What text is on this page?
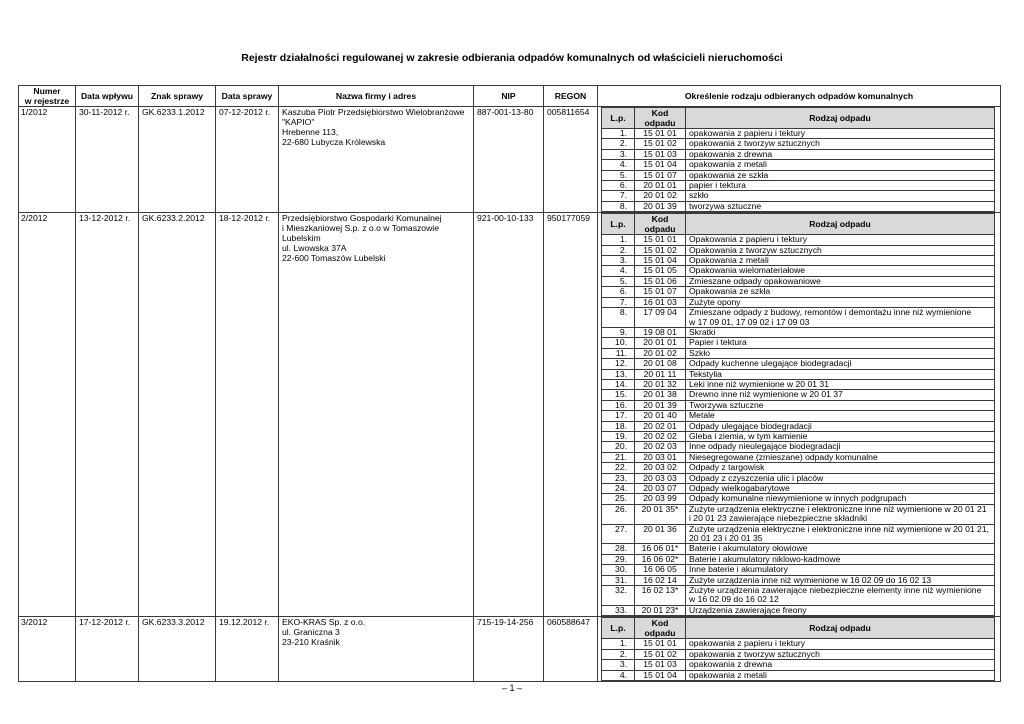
Rejestr działalności regulowanej w zakresie odbierania odpadów komunalnych od właścicieli nieruchomości
Numer
w rejestrze	Data wpływu	Znak sprawy	Data sprawy	Nazwa firmy i adres	NIP	REGON	Określenie rodzaju odbieranych odpadów komunalnych
1/2012	30-11-2012 r.	GK.6233.1.2012	07-12-2012 r.	Kaszuba Piotr Przedsiębiorstwo Wielobranżowe
"KAPIO"
Hrebenne 113,
22-680 Lubycza Królewska	887-001-13-80	005811654	
L.p.	Kod
odpadu	Rodzaj odpadu
1.	15 01 01	opakowania z papieru i tektury
2.	15 01 02	opakowania z tworzyw sztucznych
3.	15 01 03	opakowania z drewna
4.	15 01 04	opakowania z metali
5.	15 01 07	opakowania ze szkła
6.	20 01 01	papier i tektura
7.	20 01 02	szkło
8.	20 01 39	tworzywa sztuczne

2/2012	13-12-2012 r.	GK.6233.2.2012	18-12-2012 r.	Przedsiębiorstwo Gospodarki Komunalnej
i Mieszkaniowej S.p. z o.o w Tomaszowie
Lubelskim
ul. Lwowska 37A
22-600 Tomaszów Lubelski	921-00-10-133	950177059	
L.p.	Kod
odpadu	Rodzaj odpadu
1.	15 01 01	Opakowania z papieru i tektury
2.	15 01 02	Opakowania z tworzyw sztucznych
3.	15 01 04	Opakowania z metali
4.	15 01 05	Opakowania wielomateriałowe
5.	15 01 06	Zmieszane odpady opakowaniowe
6.	15 01 07	Opakowania ze szkła
7.	16 01 03	Zużyte opony
8.	17 09 04	Zmieszane odpady z budowy, remontów i demontażu inne niż wymienione
w 17 09 01, 17 09 02 i 17 09 03
9.	19 08 01	Skratki
10.	20 01 01	Papier i tektura
11.	20 01 02	Szkło
12.	20 01 08	Odpady kuchenne ulegające biodegradacji
13.	20 01 11	Tekstylia
14.	20 01 32	Leki inne niż wymienione w 20 01 31
15.	20 01 38	Drewno inne niż wymienione w 20 01 37
16.	20 01 39	Tworzywa sztuczne
17.	20 01 40	Metale
18.	20 02 01	Odpady ulegające biodegradacji
19.	20 02 02	Gleba i ziemia, w tym kamienie
20.	20 02 03	Inne odpady nieulegające biodegradacji
21.	20 03 01	Niesegregowane (zmieszane) odpady komunalne
22.	20 03 02	Odpady z targowisk
23.	20 03 03	Odpady z czyszczenia ulic i placów
24.	20 03 07	Odpady wielkogabarytowe
25.	20 03 99	Odpady komunalne niewymienione w innych podgrupach
26.	20 01 35*	Zużyte urządzenia elektryczne i elektroniczne inne niż wymienione w 20 01 21
i 20 01 23 zawierające niebezpieczne składniki
27.	20 01 36	Zużyte urządzenia elektryczne i elektroniczne inne niż wymienione w 20 01 21,
20 01 23 i 20 01 35
28.	16 06 01*	Baterie i akumulatory ołowiowe
29.	16 06 02*	Baterie i akumulatory niklowo-kadmowe
30.	16 06 05	Inne baterie i akumulatory
31.	16 02 14	Zużyte urządzenia inne niż wymienione w 16 02 09 do 16 02 13
32.	16 02 13*	Zużyte urządzenia zawierające niebezpieczne elementy inne niż wymienione
w 16 02 09 do 16 02 12
33.	20 01 23*	Urządzenia zawierające freony

3/2012	17-12-2012 r.	GK.6233.3.2012	19.12.2012 r.	EKO-KRAS Sp. z o.o.
ul. Graniczna 3
23-210 Kraśnik	715-19-14-256	060588647	
L.p.	Kod
odpadu	Rodzaj odpadu
1.	15 01 01	opakowania z papieru i tektury
2.	15 01 02	opakowania z tworzyw sztucznych
3.	15 01 03	opakowania z drewna
4.	15 01 04	opakowania z metali
– 1 –
